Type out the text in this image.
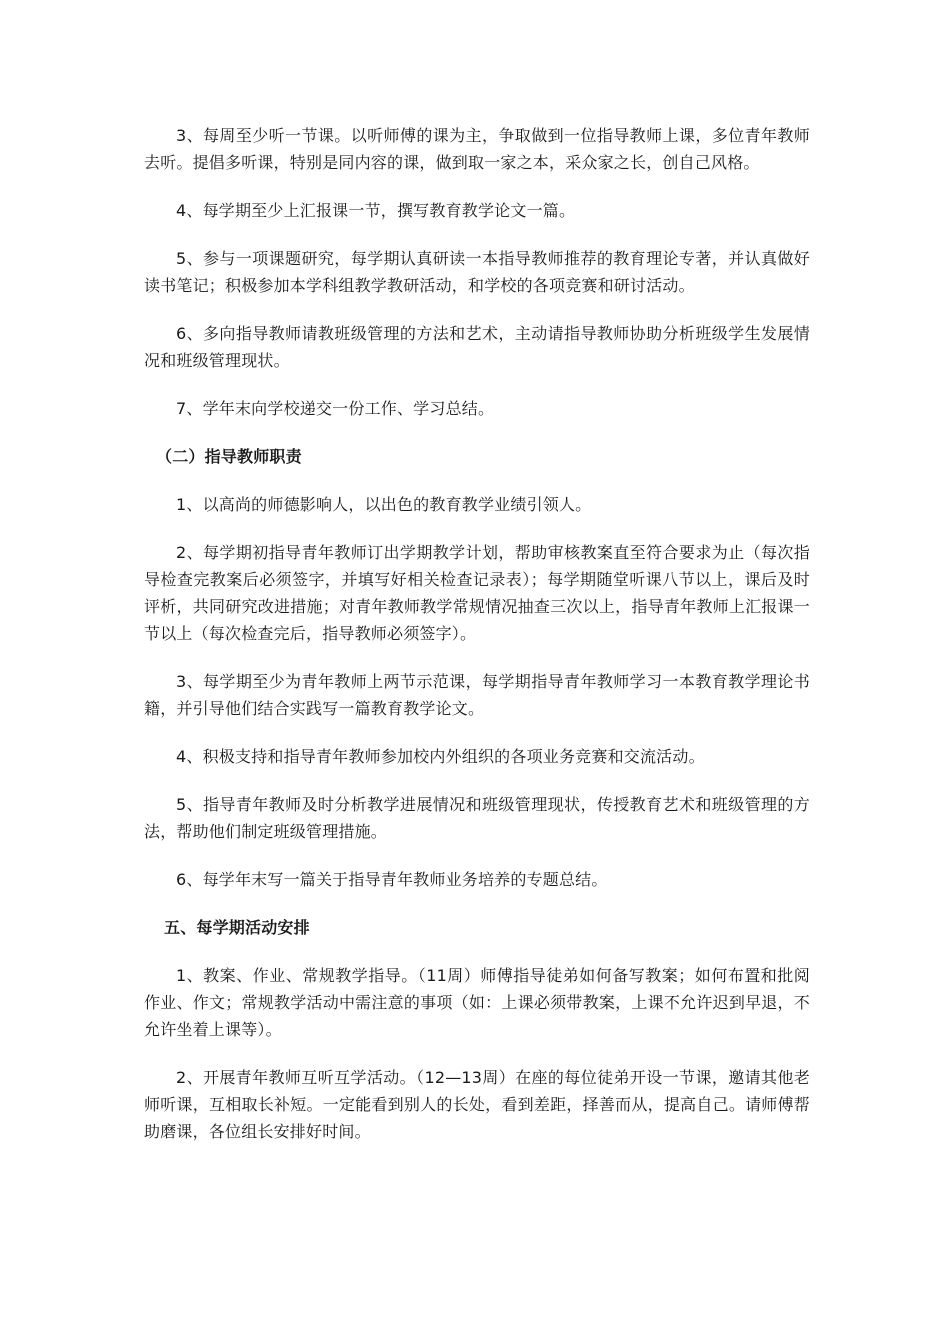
3、每周至少听一节课。以听师傅的课为主，争取做到一位指导教师上课，多位青年教师去听。提倡多听课，特别是同内容的课，做到取一家之本，采众家之长，创自己风格。

4、每学期至少上汇报课一节，撰写教育教学论文一篇。

5、参与一项课题研究，每学期认真研读一本指导教师推荐的教育理论专著，并认真做好读书笔记；积极参加本学科组教学教研活动，和学校的各项竞赛和研讨活动。

6、多向指导教师请教班级管理的方法和艺术，主动请指导教师协助分析班级学生发展情况和班级管理现状。

7、学年末向学校递交一份工作、学习总结。

（二）指导教师职责

1、以高尚的师德影响人，以出色的教育教学业绩引领人。

2、每学期初指导青年教师订出学期教学计划，帮助审核教案直至符合要求为止（每次指导检查完教案后必须签字，并填写好相关检查记录表）；每学期随堂听课八节以上，课后及时评析，共同研究改进措施；对青年教师教学常规情况抽查三次以上，指导青年教师上汇报课一节以上（每次检查完后，指导教师必须签字）。

3、每学期至少为青年教师上两节示范课，每学期指导青年教师学习一本教育教学理论书籍，并引导他们结合实践写一篇教育教学论文。

4、积极支持和指导青年教师参加校内外组织的各项业务竞赛和交流活动。

5、指导青年教师及时分析教学进展情况和班级管理现状，传授教育艺术和班级管理的方法，帮助他们制定班级管理措施。

6、每学年末写一篇关于指导青年教师业务培养的专题总结。

五、每学期活动安排

1、教案、作业、常规教学指导。（11周）师傅指导徒弟如何备写教案；如何布置和批阅作业、作文；常规教学活动中需注意的事项（如：上课必须带教案，上课不允许迟到早退，不允许坐着上课等）。

2、开展青年教师互听互学活动。（12—13周）在座的每位徒弟开设一节课，邀请其他老师听课，互相取长补短。一定能看到别人的长处，看到差距，择善而从，提高自己。请师傅帮助磨课，各位组长安排好时间。
